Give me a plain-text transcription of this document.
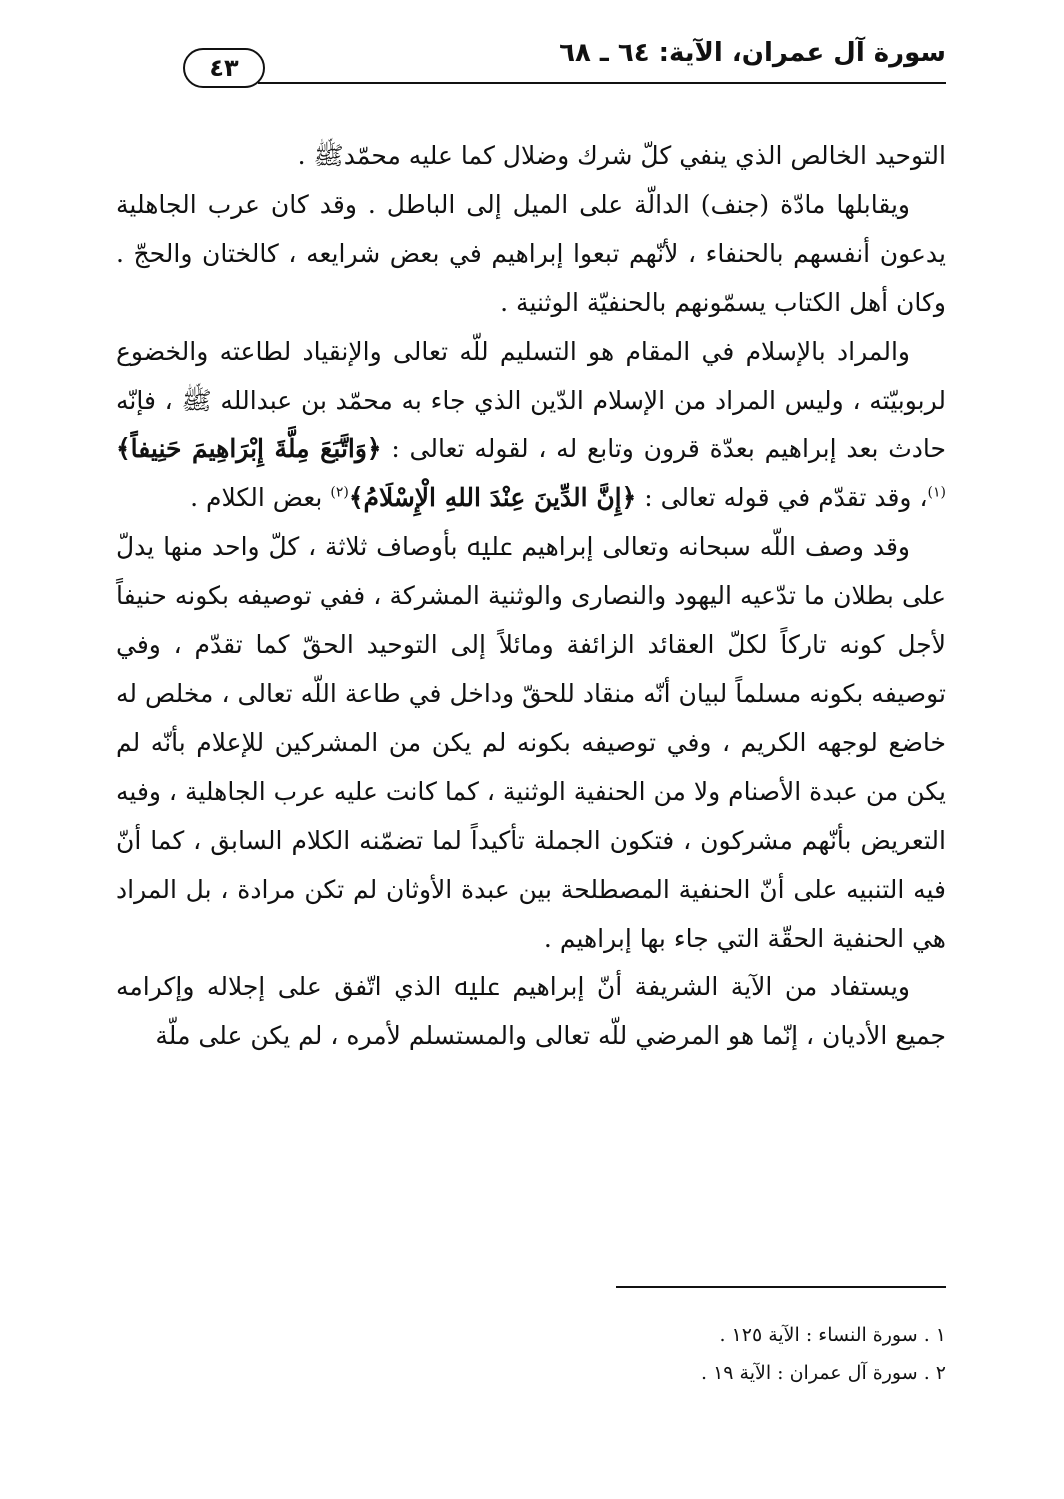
سورة آل عمران، الآية: ٦٤ ـ ٦٨
٤٣

التوحيد الخالص الذي ينفي كلّ شرك وضلال كما عليه محمّدﷺ .

ويقابلها مادّة (جنف) الدالّة على الميل إلى الباطل . وقد كان عرب الجاهلية يدعون أنفسهم بالحنفاء ، لأنّهم تبعوا إبراهيم في بعض شرايعه ، كالختان والحجّ . وكان أهل الكتاب يسمّونهم بالحنفيّة الوثنية .

والمراد بالإسلام في المقام هو التسليم للّه تعالى والإنقياد لطاعته والخضوع لربوبيّته ، وليس المراد من الإسلام الدّين الذي جاء به محمّد بن عبدالله ﷺ ، فإنّه حادث بعد إبراهيم بعدّة قرون وتابع له ، لقوله تعالى : ﴿وَاتَّبَعَ مِلَّةَ إِبْرَاهِيمَ حَنِيفاً﴾$^{(١)}$، وقد تقدّم في قوله تعالى : ﴿إِنَّ الدِّينَ عِنْدَ اللهِ الْإِسْلَامُ﴾$^{(٢)}$ بعض الكلام .

وقد وصف اللّه سبحانه وتعالى إبراهيم ﷷ بأوصاف ثلاثة ، كلّ واحد منها يدلّ على بطلان ما تدّعيه اليهود والنصارى والوثنية المشركة ، ففي توصيفه بكونه حنيفاً لأجل كونه تاركاً لكلّ العقائد الزائفة ومائلاً إلى التوحيد الحقّ كما تقدّم ، وفي توصيفه بكونه مسلماً لبيان أنّه منقاد للحقّ وداخل في طاعة اللّه تعالى ، مخلص له خاضع لوجهه الكريم ، وفي توصيفه بكونه لم يكن من المشركين للإعلام بأنّه لم يكن من عبدة الأصنام ولا من الحنفية الوثنية ، كما كانت عليه عرب الجاهلية ، وفيه التعريض بأنّهم مشركون ، فتكون الجملة تأكيداً لما تضمّنه الكلام السابق ، كما أنّ فيه التنبيه على أنّ الحنفية المصطلحة بين عبدة الأوثان لم تكن مرادة ، بل المراد هي الحنفية الحقّة التي جاء بها إبراهيم .

ويستفاد من الآية الشريفة أنّ إبراهيم ﷷ الذي اتّفق على إجلاله وإكرامه جميع الأديان ، إنّما هو المرضي للّه تعالى والمستسلم لأمره ، لم يكن على ملّة

١ . سورة النساء : الآية ١٢٥ .

٢ . سورة آل عمران : الآية ١٩ .
